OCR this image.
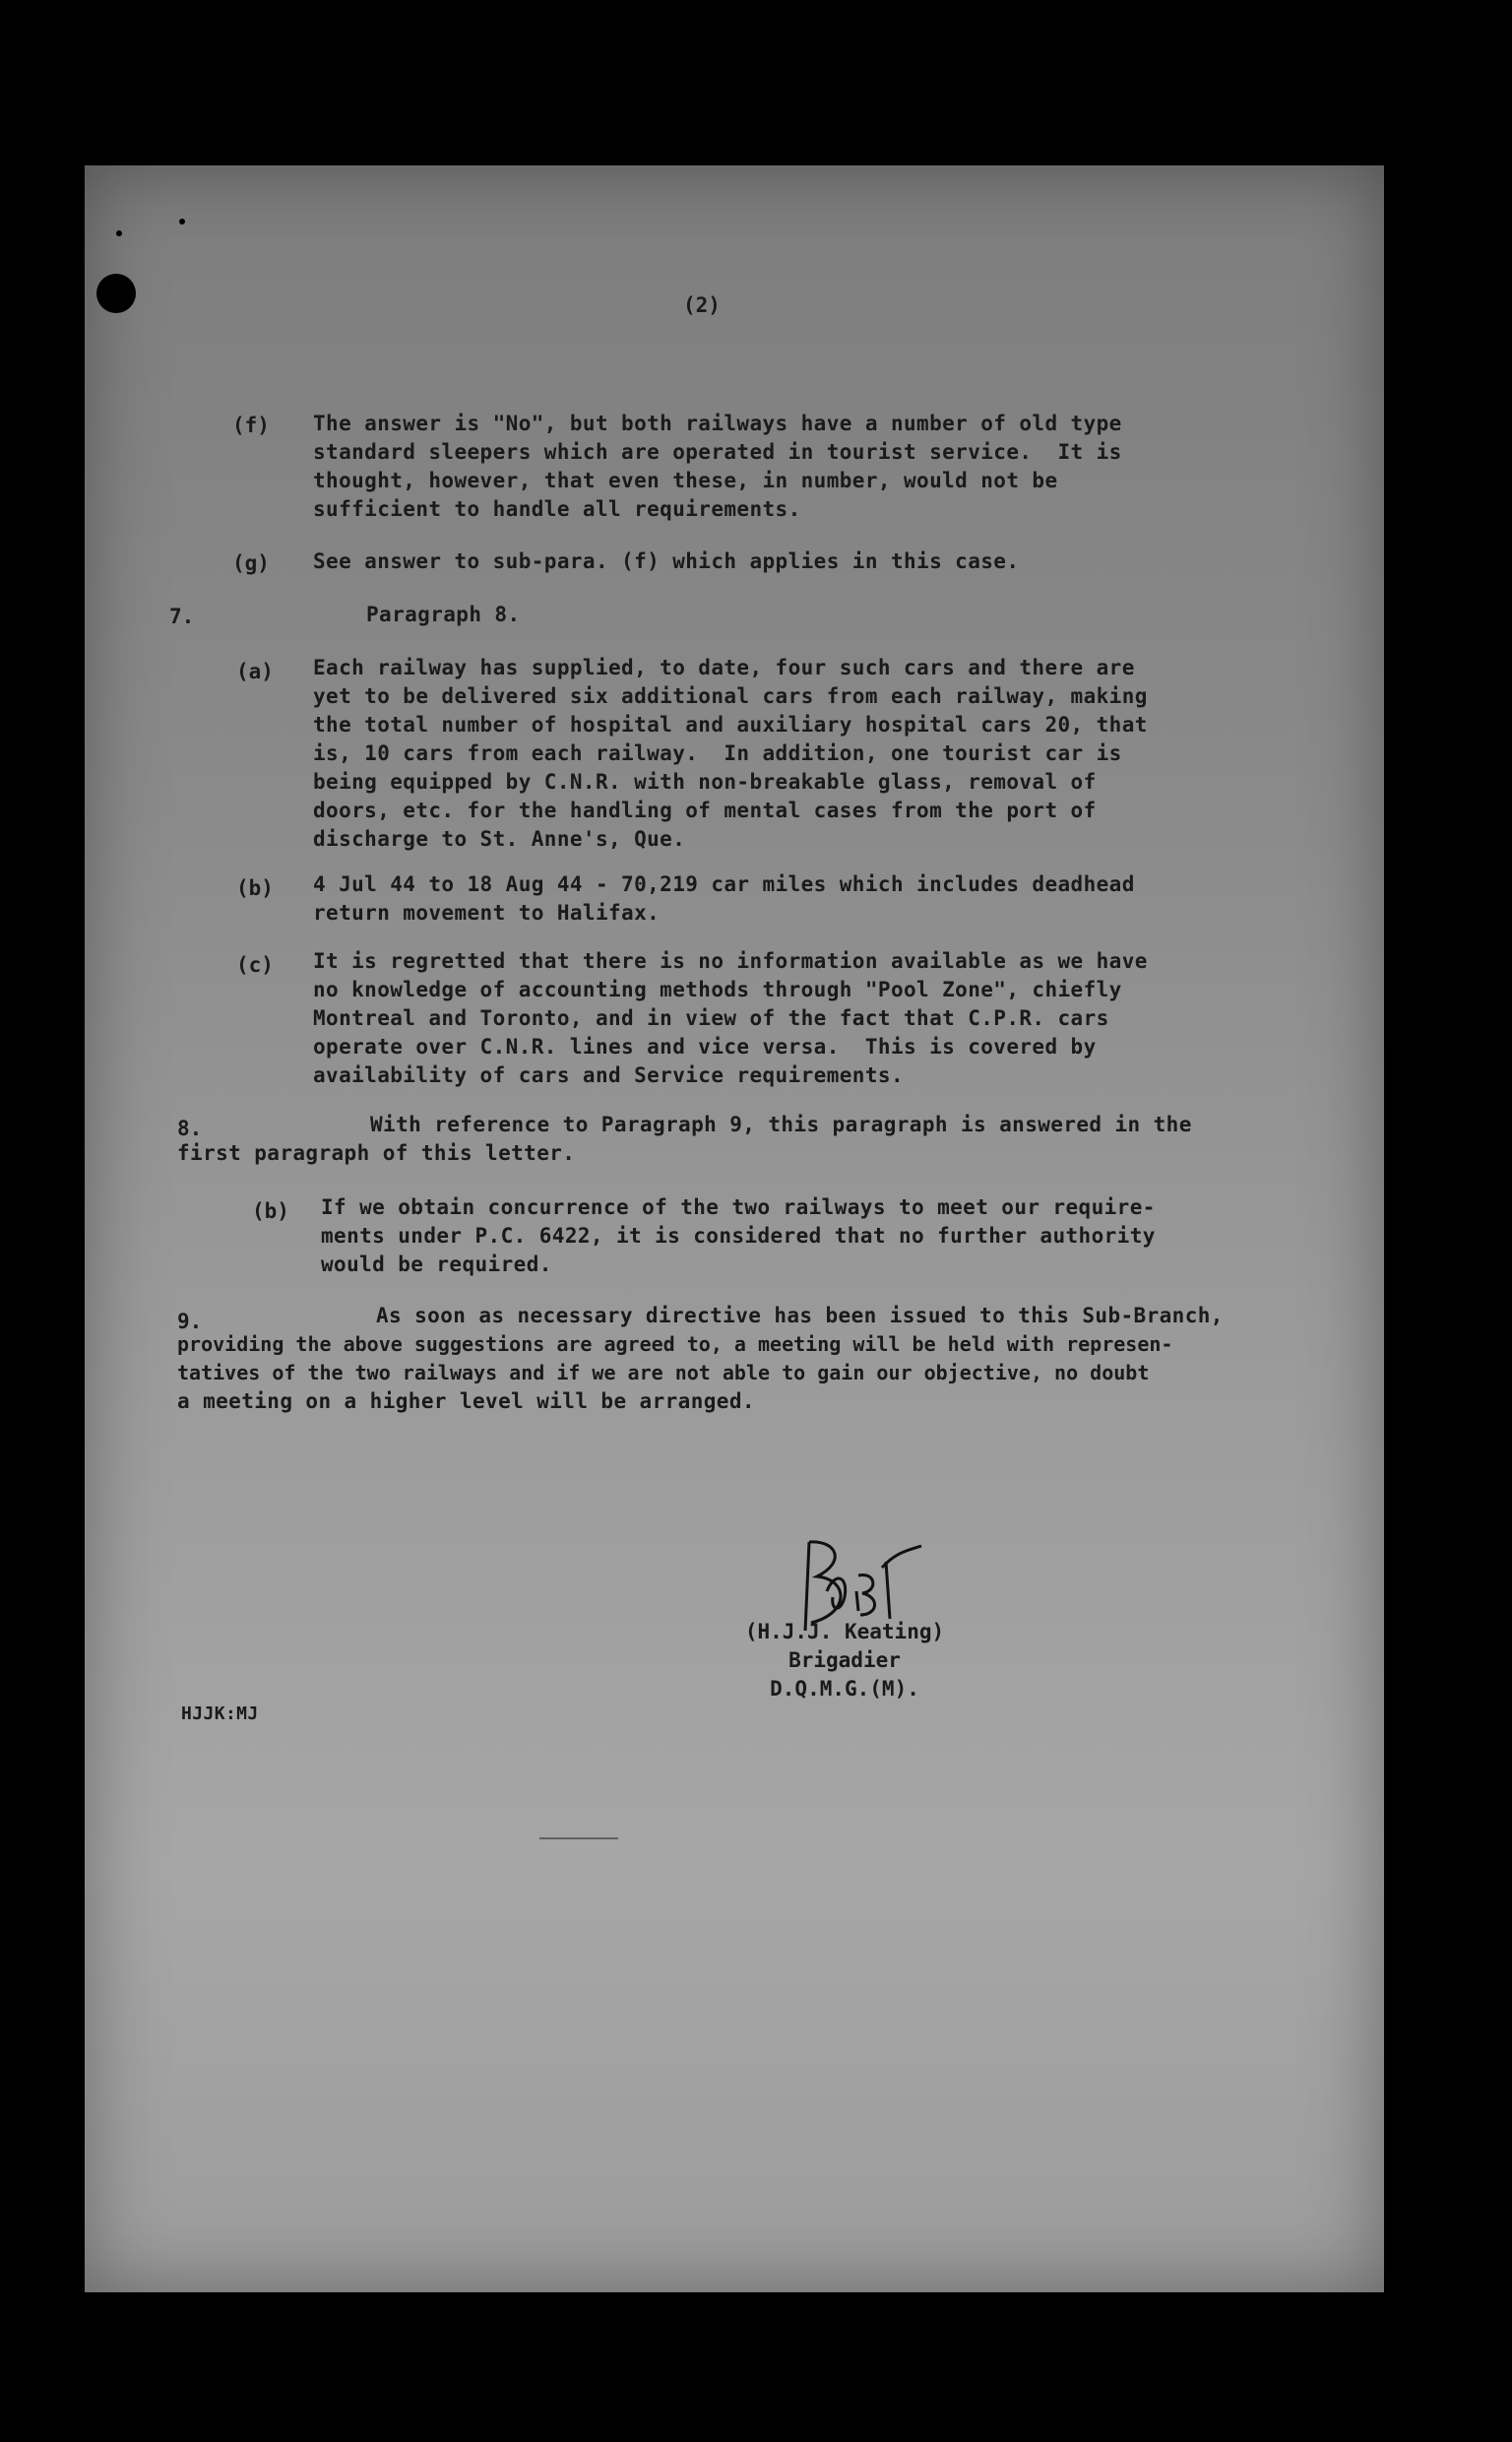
(2)
(f) The answer is "No", but both railways have a number of old type
standard sleepers which are operated in tourist service.  It is
thought, however, that even these, in number, would not be
sufficient to handle all requirements.
(g) See answer to sub-para. (f) which applies in this case.
7.	Paragraph 8.
(a) Each railway has supplied, to date, four such cars and there are
yet to be delivered six additional cars from each railway, making
the total number of hospital and auxiliary hospital cars 20, that
is, 10 cars from each railway.  In addition, one tourist car is
being equipped by C.N.R. with non-breakable glass, removal of
doors, etc. for the handling of mental cases from the port of
discharge to St. Anne's, Que.
(b) 4 Jul 44 to 18 Aug 44 - 70,219 car miles which includes deadhead
return movement to Halifax.
(c) It is regretted that there is no information available as we have
no knowledge of accounting methods through "Pool Zone", chiefly
Montreal and Toronto, and in view of the fact that C.P.R. cars
operate over C.N.R. lines and vice versa.  This is covered by
availability of cars and Service requirements.
8.	With reference to Paragraph 9, this paragraph is answered in the
first paragraph of this letter.
(b) If we obtain concurrence of the two railways to meet our require-
ments under P.C. 6422, it is considered that no further authority
would be required.
9.	As soon as necessary directive has been issued to this Sub-Branch,
providing the above suggestions are agreed to, a meeting will be held with represen-
tatives of the two railways and if we are not able to gain our objective, no doubt
a meeting on a higher level will be arranged.
(H.J.J. Keating)
Brigadier
D.Q.M.G.(M).
HJJK:MJ
